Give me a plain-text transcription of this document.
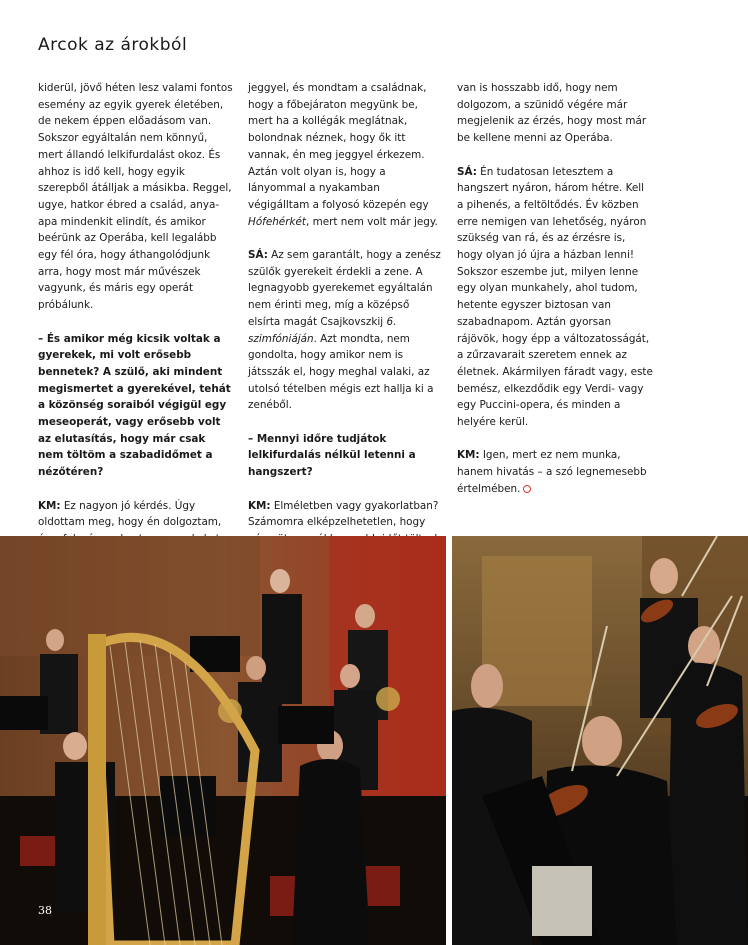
Arcok az árokból

kiderül, jövő héten lesz valami fontos esemény az egyik gyerek életében, de nekem éppen előadásom van. Sokszor egyáltalán nem könnyű, mert állandó lelkifurdalást okoz. És ahhoz is idő kell, hogy egyik szerepből átálljak a másikba. Reggel, ugye, hatkor ébred a család, anya-apa mindenkit elindít, és amikor beérünk az Operába, kell legalább egy fél óra, hogy áthangolódjunk arra, hogy most már művészek vagyunk, és máris egy operát próbálunk.

– És amikor még kicsik voltak a gyerekek, mi volt erősebb bennetek? A szülő, aki mindent megismertet a gyerekével, tehát a közönség soraiból végigül egy meseoperát, vagy erősebb volt az elutasítás, hogy már csak nem töltöm a szabadidőmet a nézőtéren?

KM: Ez nagyon jó kérdés. Úgy oldottam meg, hogy én dolgoztam,

jeggyel, és mondtam a családnak, hogy a főbejáraton megyünk be, mert ha a kollégák meglátnak, bolondnak néznek, hogy ők itt vannak, én meg jeggyel érkezem. Aztán volt olyan is, hogy a lányommal a nyakamban végigálltam a folyosó közepén egy Hófehérkét, mert nem volt már jegy.

SÁ: Az sem garantált, hogy a zenész szülők gyerekeit érdekli a zene. A legnagyobb gyerekemet egyáltalán nem érinti meg, míg a középső elsírta magát Csajkovszkij 6. szimfóniáján. Azt mondta, nem gondolta, hogy amikor nem is játsszák el, hogy meghal valaki, az utolsó tételben mégis ezt hallja ki a zenéből.

– Mennyi időre tudjátok lelkifurdalás nélkül letenni a hangszert?

KM: Elméletben vagy gyakorlatban? Számomra elképzelhetetlen, hogy

van is hosszabb idő, hogy nem dolgozom, a szünidő végére már megjelenik az érzés, hogy most már be kellene menni az Operába.

SÁ: Én tudatosan letesztem a hangszert nyáron, három hétre. Kell a pihenés, a feltöltődés. Év közben erre nemigen van lehetőség, nyáron szükség van rá, és az érzésre is, hogy olyan jó újra a házban lenni! Sokszor eszembe jut, milyen lenne egy olyan munkahely, ahol tudom, hetente egyszer biztosan van szabadnapom. Aztán gyorsan rájövök, hogy épp a változatosságát, a zűrzavarait szeretem ennek az életnek. Akármilyen fáradt vagy, este bemész, elkezdődik egy Verdi- vagy egy Puccini-opera, és minden a helyére kerül.

KM: Igen, mert ez nem munka, hanem hivatás – a szó legnemesebb értelmében.

38
